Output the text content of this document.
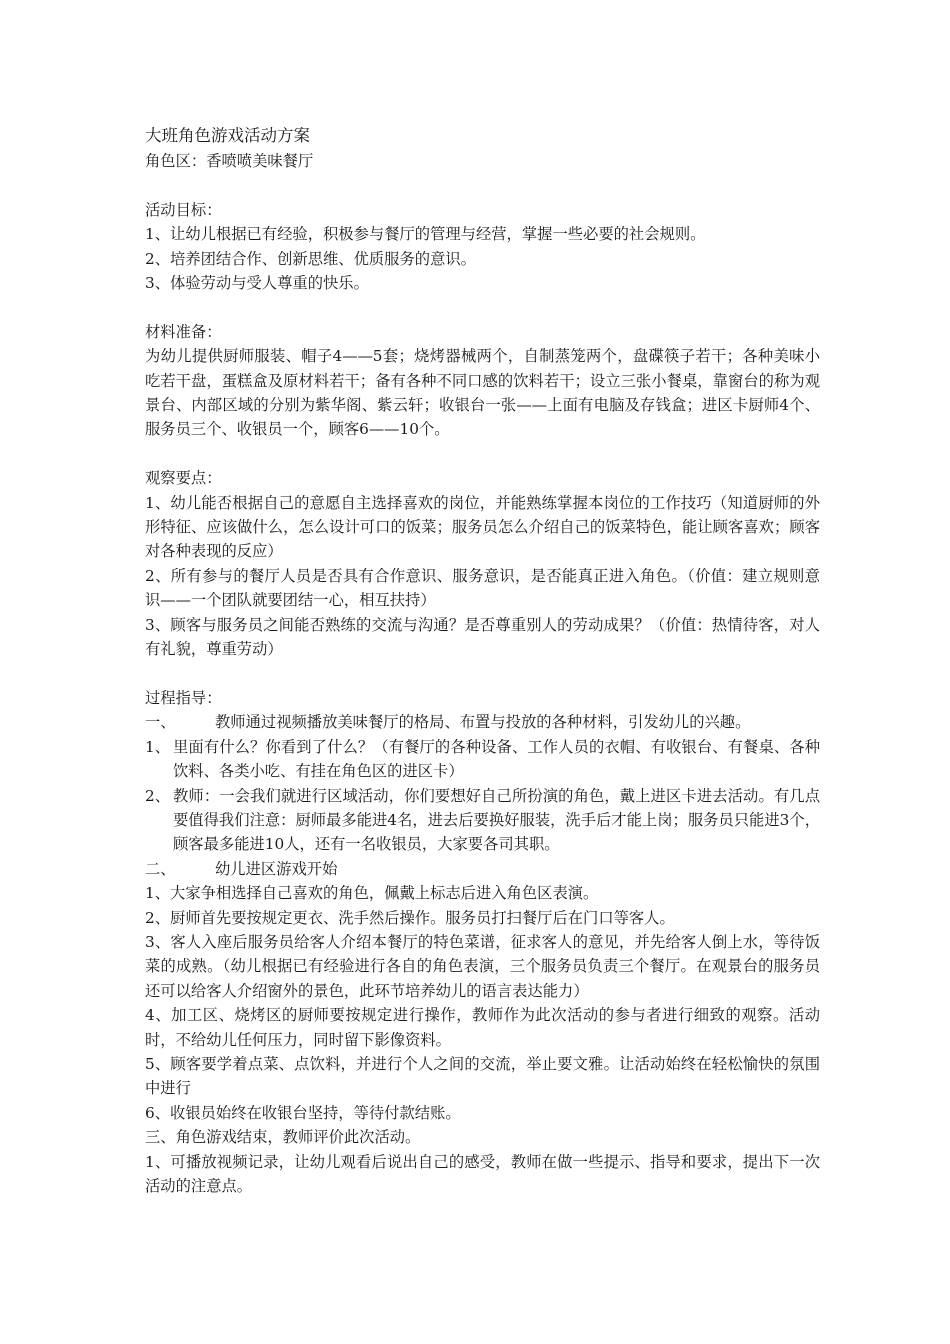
大班角色游戏活动方案

角色区：香喷喷美味餐厅

活动目标：

1、让幼儿根据已有经验，积极参与餐厅的管理与经营，掌握一些必要的社会规则。

2、培养团结合作、创新思维、优质服务的意识。

3、体验劳动与受人尊重的快乐。

材料准备：

为幼儿提供厨师服装、帽子4——5套；烧烤器械两个，自制蒸笼两个，盘碟筷子若干；各种美味小吃若干盘，蛋糕盒及原材料若干；备有各种不同口感的饮料若干；设立三张小餐桌，靠窗台的称为观景台、内部区域的分别为紫华阁、紫云轩；收银台一张——上面有电脑及存钱盒；进区卡厨师4个、服务员三个、收银员一个，顾客6——10个。

观察要点：

1、幼儿能否根据自己的意愿自主选择喜欢的岗位，并能熟练掌握本岗位的工作技巧（知道厨师的外形特征、应该做什么，怎么设计可口的饭菜；服务员怎么介绍自己的饭菜特色，能让顾客喜欢；顾客对各种表现的反应）

2、所有参与的餐厅人员是否具有合作意识、服务意识，是否能真正进入角色。（价值：建立规则意识——一个团队就要团结一心，相互扶持）

3、顾客与服务员之间能否熟练的交流与沟通？是否尊重别人的劳动成果？（价值：热情待客，对人有礼貌，尊重劳动）

过程指导：

一、	教师通过视频播放美味餐厅的格局、布置与投放的各种材料，引发幼儿的兴趣。
1、 里面有什么？你看到了什么？（有餐厅的各种设备、工作人员的衣帽、有收银台、有餐桌、各种饮料、各类小吃、有挂在角色区的进区卡）
2、 教师：一会我们就进行区域活动，你们要想好自己所扮演的角色，戴上进区卡进去活动。有几点要值得我们注意：厨师最多能进4名，进去后要换好服装，洗手后才能上岗；服务员只能进3个，顾客最多能进10人，还有一名收银员，大家要各司其职。
二、	幼儿进区游戏开始

1、大家争相选择自己喜欢的角色，佩戴上标志后进入角色区表演。

2、厨师首先要按规定更衣、洗手然后操作。服务员打扫餐厅后在门口等客人。

3、客人入座后服务员给客人介绍本餐厅的特色菜谱，征求客人的意见，并先给客人倒上水，等待饭菜的成熟。（幼儿根据已有经验进行各自的角色表演，三个服务员负责三个餐厅。在观景台的服务员还可以给客人介绍窗外的景色，此环节培养幼儿的语言表达能力）

4、加工区、烧烤区的厨师要按规定进行操作，教师作为此次活动的参与者进行细致的观察。活动时，不给幼儿任何压力，同时留下影像资料。

5、顾客要学着点菜、点饮料，并进行个人之间的交流，举止要文雅。让活动始终在轻松愉快的氛围中进行

6、收银员始终在收银台坚持，等待付款结账。

三、角色游戏结束，教师评价此次活动。

1、可播放视频记录，让幼儿观看后说出自己的感受，教师在做一些提示、指导和要求，提出下一次活动的注意点。
